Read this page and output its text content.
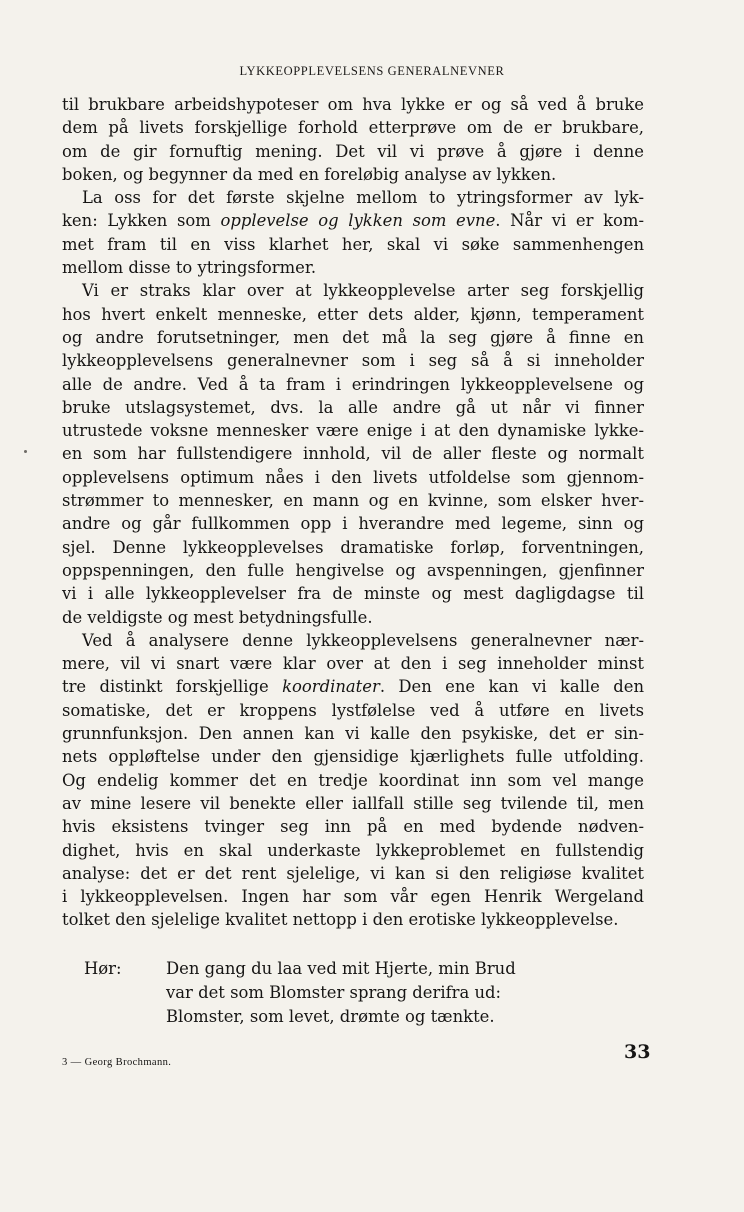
LYKKEOPPLEVELSENS GENERALNEVNER
til brukbare arbeidshypoteser om hva lykke er og så ved å bruke
dem på livets forskjellige forhold etterprøve om de er brukbare,
om de gir fornuftig mening. Det vil vi prøve å gjøre i denne
boken, og begynner da med en foreløbig analyse av lykken.
La oss for det første skjelne mellom to ytringsformer av lyk-
ken: Lykken som opplevelse og lykken som evne. Når vi er kom-
met fram til en viss klarhet her, skal vi søke sammenhengen
mellom disse to ytringsformer.
Vi er straks klar over at lykkeopplevelse arter seg forskjellig
hos hvert enkelt menneske, etter dets alder, kjønn, temperament
og andre forutsetninger, men det må la seg gjøre å finne en
lykkeopplevelsens generalnevner som i seg så å si inneholder
alle de andre. Ved å ta fram i erindringen lykkeopplevelsene og
bruke utslagsystemet, dvs. la alle andre gå ut når vi finner
utrustede voksne mennesker være enige i at den dynamiske lykke-
en som har fullstendigere innhold, vil de aller fleste og normalt
opplevelsens optimum nåes i den livets utfoldelse som gjennom-
strømmer to mennesker, en mann og en kvinne, som elsker hver-
andre og går fullkommen opp i hverandre med legeme, sinn og
sjel. Denne lykkeopplevelses dramatiske forløp, forventningen,
oppspenningen, den fulle hengivelse og avspenningen, gjenfinner
vi i alle lykkeopplevelser fra de minste og mest dagligdagse til
de veldigste og mest betydningsfulle.
Ved å analysere denne lykkeopplevelsens generalnevner nær-
mere, vil vi snart være klar over at den i seg inneholder minst
tre distinkt forskjellige koordinater. Den ene kan vi kalle den
somatiske, det er kroppens lystfølelse ved å utføre en livets
grunnfunksjon. Den annen kan vi kalle den psykiske, det er sin-
nets oppløftelse under den gjensidige kjærlighets fulle utfolding.
Og endelig kommer det en tredje koordinat inn som vel mange
av mine lesere vil benekte eller iallfall stille seg tvilende til, men
hvis eksistens tvinger seg inn på en med bydende nødven-
dighet, hvis en skal underkaste lykkeproblemet en fullstendig
analyse: det er det rent sjelelige, vi kan si den religiøse kvalitet
i lykkeopplevelsen. Ingen har som vår egen Henrik Wergeland
tolket den sjelelige kvalitet nettopp i den erotiske lykkeopplevelse.
Hør:	Den gang du laa ved mit Hjerte, min Brud
var det som Blomster sprang derifra ud:
Blomster, som levet, drømte og tænkte.
3 — Georg Brochmann.	33
